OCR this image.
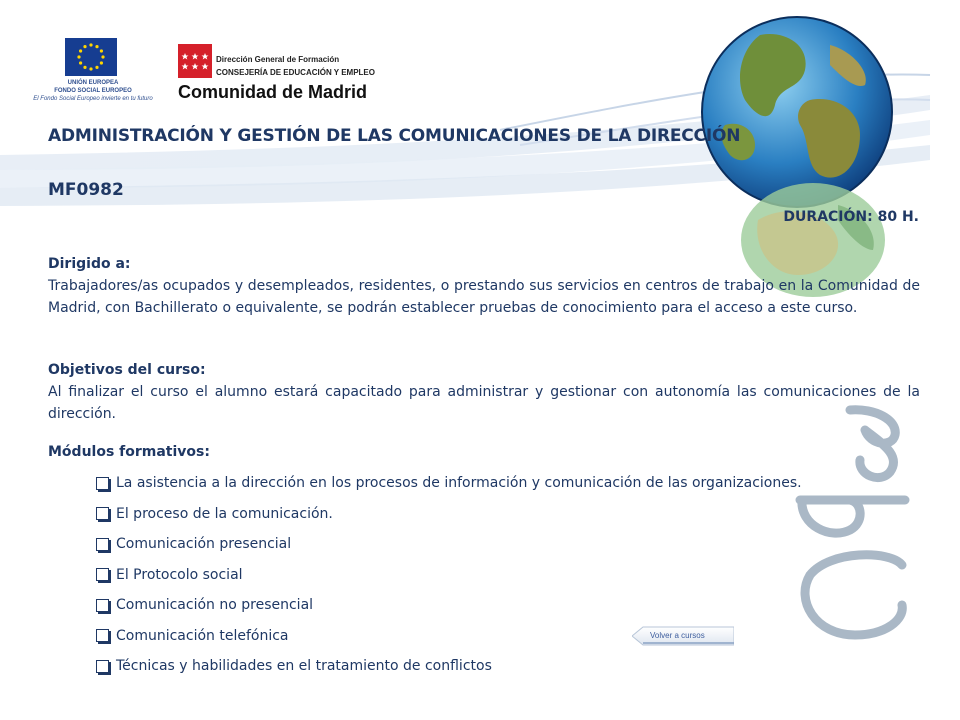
UNIÓN EUROPEA
FONDO SOCIAL EUROPEO
El Fondo Social Europeo invierte en tu futuro
Dirección General de Formación
CONSEJERÍA DE EDUCACIÓN Y EMPLEO
Comunidad de Madrid
ADMINISTRACIÓN Y GESTIÓN DE LAS COMUNICACIONES DE LA DIRECCIÓN
MF0982
DURACIÓN: 80 H.
Dirigido a:

Trabajadores/as ocupados y desempleados, residentes, o prestando sus servicios en centros de trabajo en la Comunidad de Madrid, con Bachillerato o equivalente, se podrán establecer pruebas de conocimiento para el acceso a este curso.

Objetivos del curso:

Al finalizar el curso el alumno estará capacitado para administrar y gestionar con autonomía las comunicaciones de la dirección.

Módulos formativos:
La asistencia a la dirección en los procesos de información y comunicación de las organizaciones.
El proceso de la comunicación.
Comunicación presencial
El Protocolo social
Comunicación no presencial
Comunicación telefónica
Técnicas y habilidades en el tratamiento de conflictos
Volver a cursos
